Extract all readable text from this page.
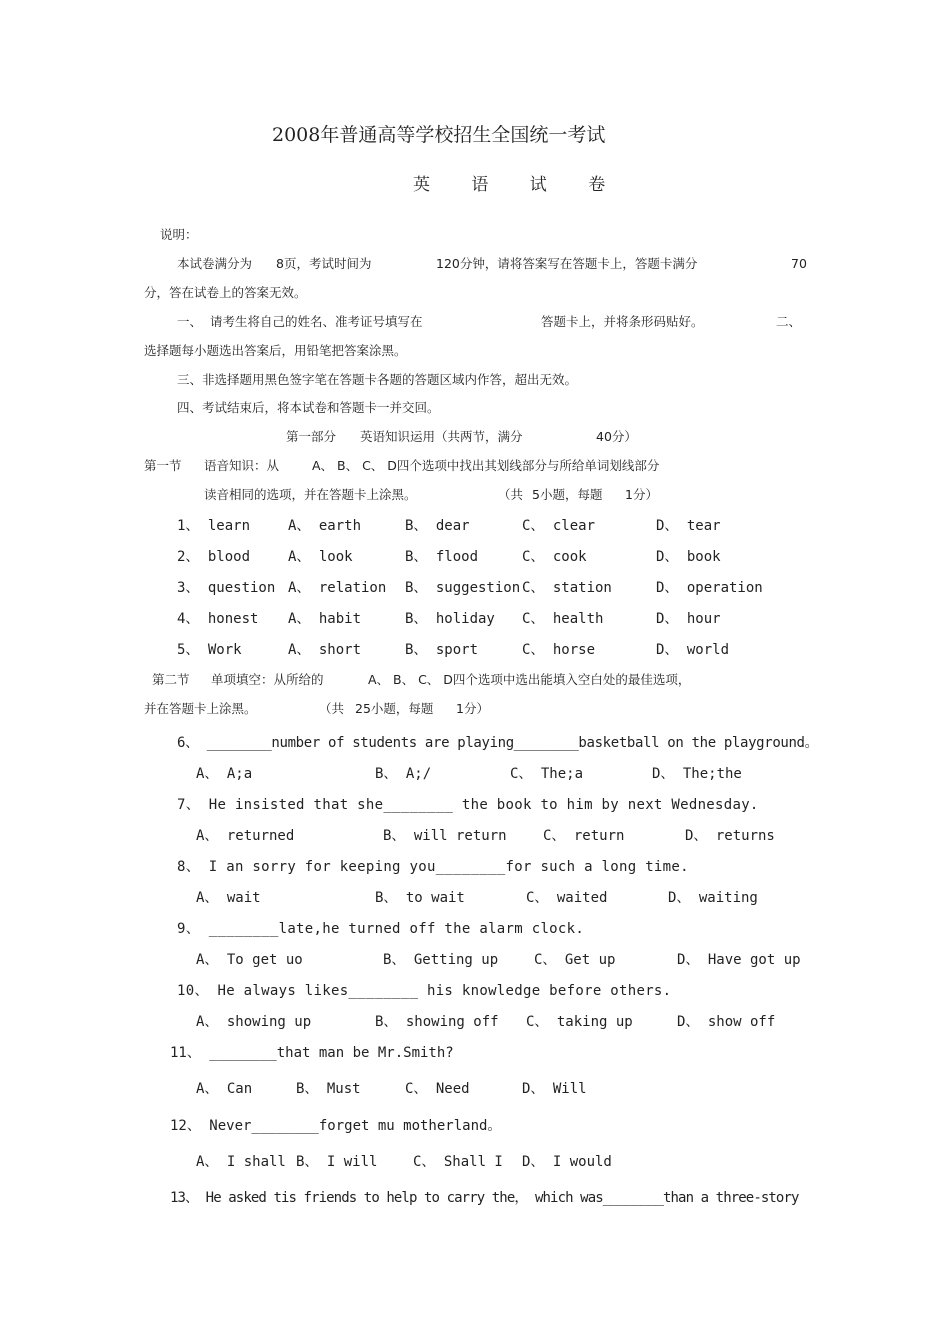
2008年普通高等学校招生全国统一考试
英 语 试 卷
说明：
本试卷满分为 8页，考试时间为	120分钟，请将答案写在答题卡上，答题卡满分	70
分，答在试卷上的答案无效。
一、  请考生将自己的姓名、准考证号填写在	答题卡上，并将条形码贴好。	二、
选择题每小题选出答案后，用铅笔把答案涂黑。
三、非选择题用黑色签字笔在答题卡各题的答题区域内作答，超出无效。
四、考试结束后，将本试卷和答题卡一并交回。
第一部分 英语知识运用（共两节，满分	40分）
第一节 语音知识：从	A、 B、 C、 D四个选项中找出其划线部分与所给单词划线部分
读音相同的选项，并在答题卡上涂黑。	（共 5小题，每题 1分）
第二节 单项填空：从所给的	A、 B、 C、 D四个选项中选出能填入空白处的最佳选项，
并在答题卡上涂黑。	（共 25小题，每题 1分）
1、 learn	A、 earth	B、 dear	C、 clear	D、 tear
2、 blood	A、 look	B、 flood	C、 cook	D、 book
3、 question A、 relation B、 suggestion C、 station	D、 operation
4、 honest A、 habit	B、 holiday C、 health	D、 hour
5、 Work	A、 short	B、 sport	C、 horse	D、 world
6、 ________number of students are playing________basketball on the playground。
A、 A;a	B、 A;/	C、 The;a	D、 The;the
7、 He insisted that she________ the book to him by next Wednesday.
A、 returned	B、 will return	C、 return	D、 returns
8、 I an sorry for keeping you________for such a long time.
A、 wait	B、 to wait	C、 waited	D、 waiting
9、 ________late,he turned off the alarm clock.
A、 To get uo	B、 Getting up	C、 Get up	D、 Have got up
10、 He always likes________ his knowledge before others.
A、 showing up	B、 showing off C、 taking up	D、 show off
11、 ________that man be Mr.Smith?
A、 Can	B、 Must	C、 Need	D、 Will
12、 Never________forget mu motherland。
A、 I shall B、 I will	C、 Shall I D、 I would
13、 He asked tis friends to help to carry the， which was________than a three-story
